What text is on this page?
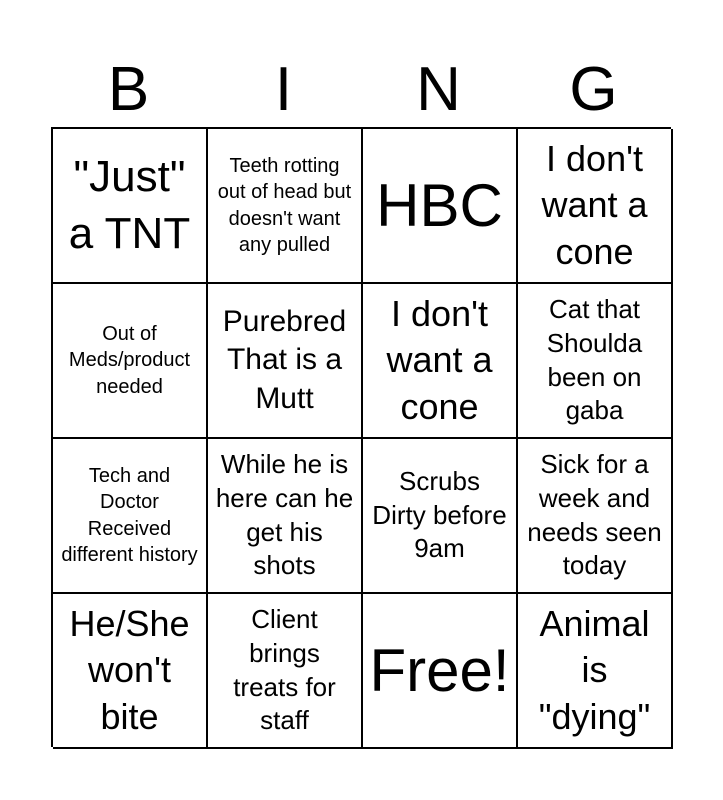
B	I	N	G
"Just" a TNT
Teeth rotting out of head but doesn't want any pulled
HBC
I don't want a cone
Out of Meds/product needed
Purebred That is a Mutt
I don't want a cone
Cat that Shoulda been on gaba
Tech and Doctor Received different history
While he is here can he get his shots
Scrubs Dirty before 9am
Sick for a week and needs seen today
He/She won't bite
Client brings treats for staff
Free!
Animal is "dying"
